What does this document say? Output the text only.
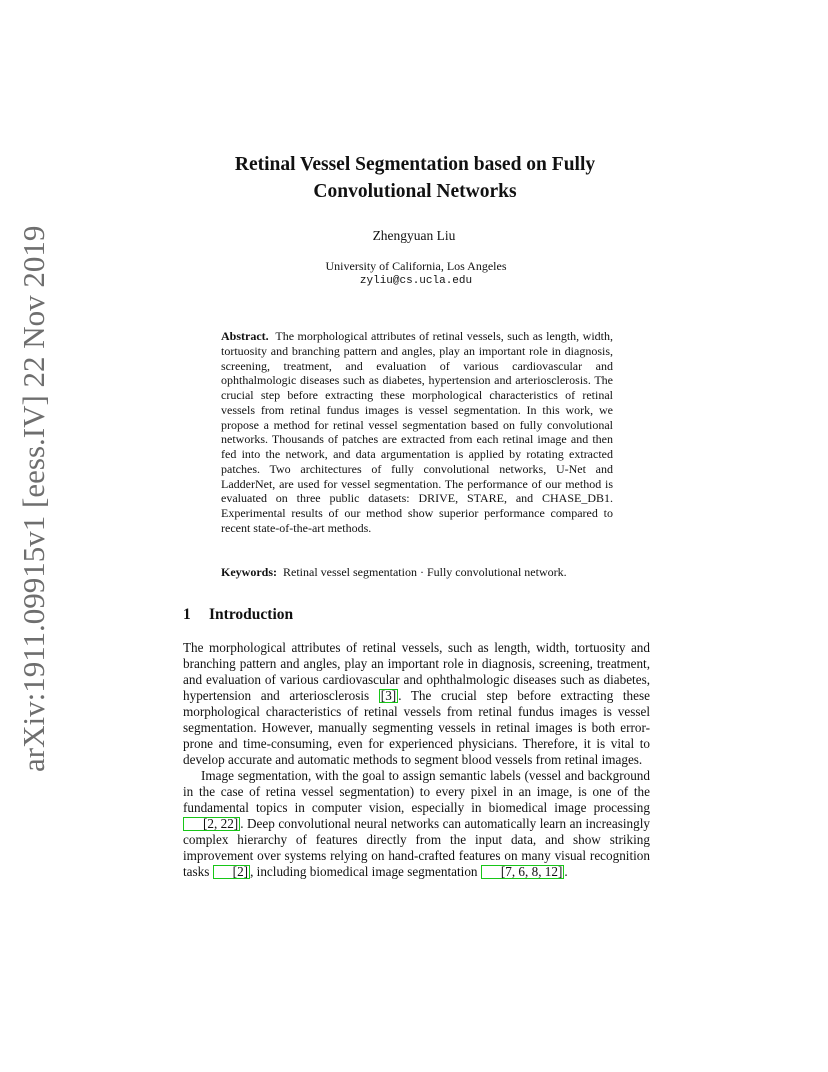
arXiv:1911.09915v1 [eess.IV] 22 Nov 2019
Retinal Vessel Segmentation based on Fully
Convolutional Networks
Zhengyuan Liu
University of California, Los Angeles
zyliu@cs.ucla.edu

Abstract. The morphological attributes of retinal vessels, such as length, width, tortuosity and branching pattern and angles, play an important role in diagnosis, screening, treatment, and evaluation of various cardiovascular and ophthalmologic diseases such as diabetes, hypertension and arteriosclerosis. The crucial step before extracting these morphological characteristics of retinal vessels from retinal fundus images is vessel segmentation. In this work, we propose a method for retinal vessel segmentation based on fully convolutional networks. Thousands of patches are extracted from each retinal image and then fed into the network, and data argumentation is applied by rotating extracted patches. Two architectures of fully convolutional networks, U-Net and LadderNet, are used for vessel segmentation. The performance of our method is evaluated on three public datasets: DRIVE, STARE, and CHASE_DB1. Experimental results of our method show superior performance compared to recent state-of-the-art methods.

Keywords: Retinal vessel segmentation · Fully convolutional network.

1 Introduction

The morphological attributes of retinal vessels, such as length, width, tortuosity and branching pattern and angles, play an important role in diagnosis, screening, treatment, and evaluation of various cardiovascular and ophthalmologic diseases such as diabetes, hypertension and arteriosclerosis [3] . The crucial step before extracting these morphological characteristics of retinal vessels from retinal fundus images is vessel segmentation. However, manually segmenting vessels in retinal images is both error-prone and time-consuming, even for experienced physicians. Therefore, it is vital to develop accurate and automatic methods to segment blood vessels from retinal images.

Image segmentation, with the goal to assign semantic labels (vessel and background in the case of retina vessel segmentation) to every pixel in an image, is one of the fundamental topics in computer vision, especially in biomedical image processing [2, 22] . Deep convolutional neural networks can automatically learn an increasingly complex hierarchy of features directly from the input data, and show striking improvement over systems relying on hand-crafted features on many visual recognition tasks [2] , including biomedical image segmentation [7, 6, 8, 12] .
